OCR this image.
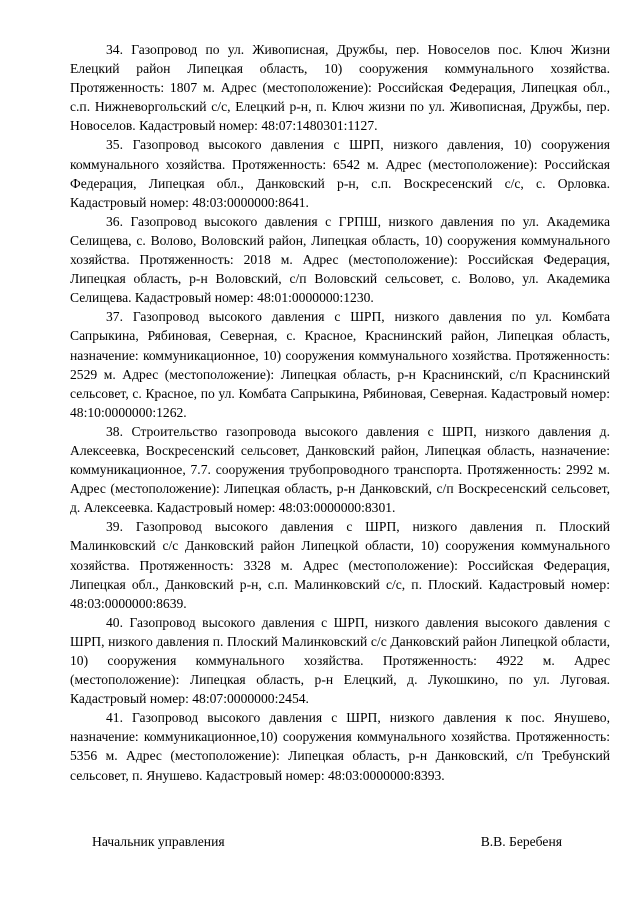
34. Газопровод по ул. Живописная, Дружбы, пер. Новоселов пос. Ключ Жизни Елецкий район Липецкая область, 10) сооружения коммунального хозяйства. Протяженность: 1807 м. Адрес (местоположение): Российская Федерация, Липецкая обл., с.п. Нижневоргольский с/с, Елецкий р-н, п. Ключ жизни по ул. Живописная, Дружбы, пер. Новоселов. Кадастровый номер: 48:07:1480301:1127.

35. Газопровод высокого давления с ШРП, низкого давления, 10) сооружения коммунального хозяйства. Протяженность: 6542 м. Адрес (местоположение): Российская Федерация, Липецкая обл., Данковский р-н, с.п. Воскресенский с/с, с. Орловка. Кадастровый номер: 48:03:0000000:8641.

36. Газопровод высокого давления с ГРПШ, низкого давления по ул. Академика Селищева, с. Волово, Воловский район, Липецкая область, 10) сооружения коммунального хозяйства. Протяженность: 2018 м. Адрес (местоположение): Российская Федерация, Липецкая область, р-н Воловский, с/п Воловский сельсовет, с. Волово, ул. Академика Селищева. Кадастровый номер: 48:01:0000000:1230.

37. Газопровод высокого давления с ШРП, низкого давления по ул. Комбата Сапрыкина, Рябиновая, Северная, с. Красное, Краснинский район, Липецкая область, назначение: коммуникационное, 10) сооружения коммунального хозяйства. Протяженность: 2529 м. Адрес (местоположение): Липецкая область, р-н Краснинский, с/п Краснинский сельсовет, с. Красное, по ул. Комбата Сапрыкина, Рябиновая, Северная. Кадастровый номер: 48:10:0000000:1262.

38. Строительство газопровода высокого давления с ШРП, низкого давления д. Алексеевка, Воскресенский сельсовет, Данковский район, Липецкая область, назначение: коммуникационное, 7.7. сооружения трубопроводного транспорта. Протяженность: 2992 м. Адрес (местоположение): Липецкая область, р-н Данковский, с/п Воскресенский сельсовет, д. Алексеевка. Кадастровый номер: 48:03:0000000:8301.

39. Газопровод высокого давления с ШРП, низкого давления п. Плоский Малинковский с/с Данковский район Липецкой области, 10) сооружения коммунального хозяйства. Протяженность: 3328 м. Адрес (местоположение): Российская Федерация, Липецкая обл., Данковский р-н, с.п. Малинковский с/с, п. Плоский. Кадастровый номер: 48:03:0000000:8639.

40. Газопровод высокого давления с ШРП, низкого давления высокого давления с ШРП, низкого давления п. Плоский Малинковский с/с Данковский район Липецкой области, 10) сооружения коммунального хозяйства. Протяженность: 4922 м. Адрес (местоположение): Липецкая область, р-н Елецкий, д. Лукошкино, по ул. Луговая. Кадастровый номер: 48:07:0000000:2454.

41. Газопровод высокого давления с ШРП, низкого давления к пос. Янушево, назначение: коммуникационное,10) сооружения коммунального хозяйства. Протяженность: 5356 м. Адрес (местоположение): Липецкая область, р-н Данковский, с/п Требунский сельсовет, п. Янушево. Кадастровый номер: 48:03:0000000:8393.

Начальник управления	В.В. Беребеня
